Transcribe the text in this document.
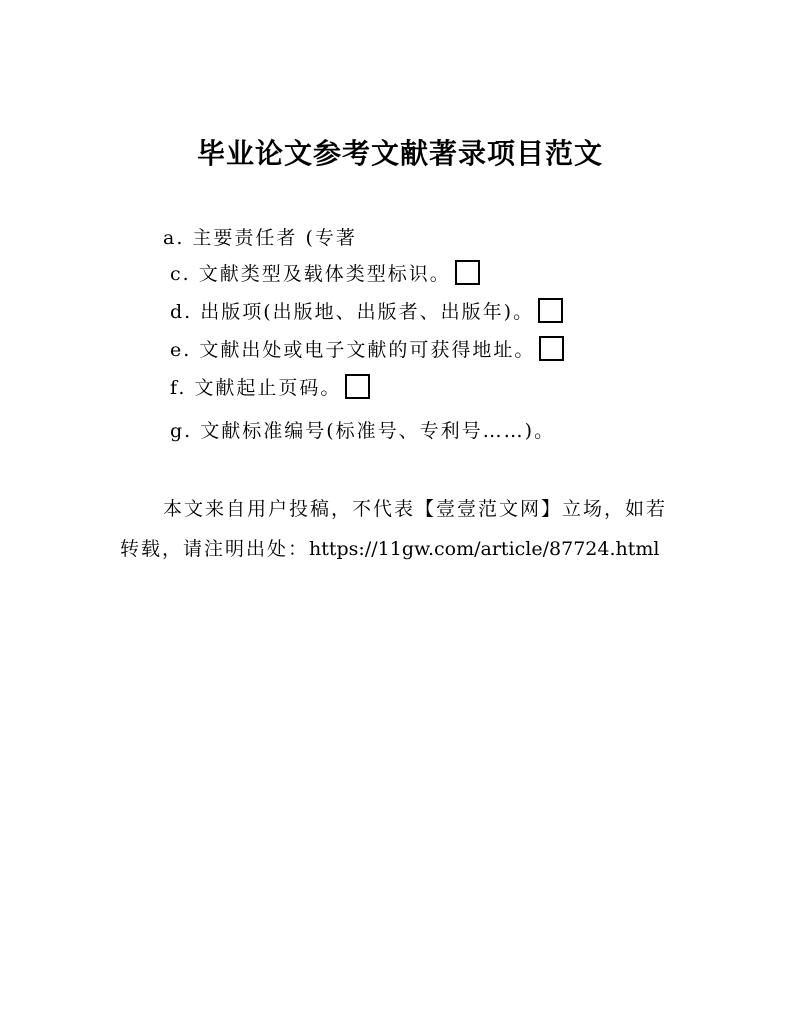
毕业论文参考文献著录项目范文
a. 主要责任者 (专著
c. 文献类型及载体类型标识。
d. 出版项(出版地、出版者、出版年)。
e. 文献出处或电子文献的可获得地址。
f. 文献起止页码。
g. 文献标准编号(标准号、专利号……)。
本文来自用户投稿，不代表【壹壹范文网】立场，如若
转载，请注明出处：https://11gw.com/article/87724.html
